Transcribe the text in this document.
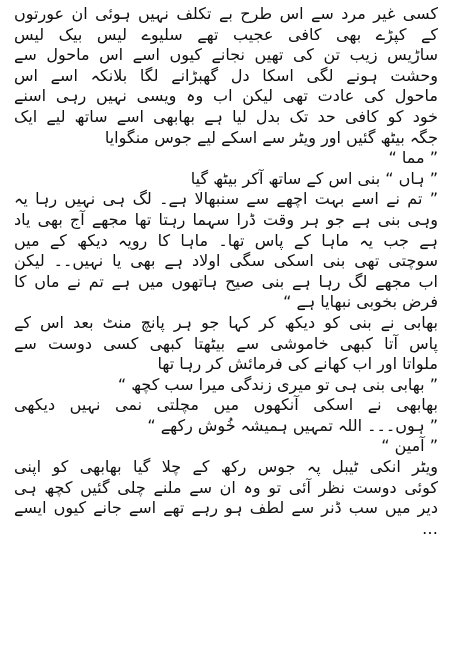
کسی غیر مرد سے اس طرح بے تکلف نہیں ہوئی ان عورتوں
کے کپڑے بھی کافی عجیب تھے سلیوے لیس بیک لیس
ساڑیس زیب تن کی تھیں نجانے کیوں اسے اس ماحول سے
وحشت ہونے لگی اسکا دل گھبڑانے لگا بلانکہ اسے اس
ماحول کی عادت تھی لیکن اب وہ ویسی نہیں رہی اسنے
خود کو کافی حد تک بدل لیا ہے بھابھی اسے ساتھ لیے ایک
جگہ بیٹھ گئیں اور ویٹر سے اسکے لیے جوس منگوایا
” مما “
” ہاں “ بنی اس کے ساتھ آکر بیٹھ گیا
” تم نے اسے بہت اچھے سے سنبھالا ہے۔ لگ ہی نہیں رہا یہ
وہی بنی ہے جو ہر وقت ڈرا سہما رہتا تھا مجھے آج بھی یاد
ہے جب یہ ماہا کے پاس تھا۔ ماہا کا رویہ دیکھ کے میں
سوچتی تھی بنی اسکی سگی اولاد ہے بھی یا نہیں۔۔ لیکن
اب مجھے لگ رہا ہے بنی صیح ہاتھوں میں ہے تم نے ماں کا
فرض بخوبی نبھایا ہے “
بھابی نے بنی کو دیکھ کر کہا جو ہر پانچ منٹ بعد اس کے
پاس آتا کبھی خاموشی سے بیٹھتا کبھی کسی دوست سے
ملواتا اور اب کھانے کی فرمائش کر رہا تھا
” بھابی بنی ہی تو میری زندگی میرا سب کچھ “
بھابھی نے اسکی آنکھوں میں مچلتی نمی نہیں دیکھی
” ہوں۔۔۔ اللہ تمہیں ہمیشہ خُوش رکھے “
” آمین “
ویٹر انکی ٹیبل پہ جوس رکھ کے چلا گیا بھابھی کو اپنی
کوئی دوست نظر آئی تو وہ ان سے ملنے چلی گئیں کچھ ہی
دیر میں سب ڈنر سے لطف ہو رہے تھے اسے جانے کیوں ایسے
…
